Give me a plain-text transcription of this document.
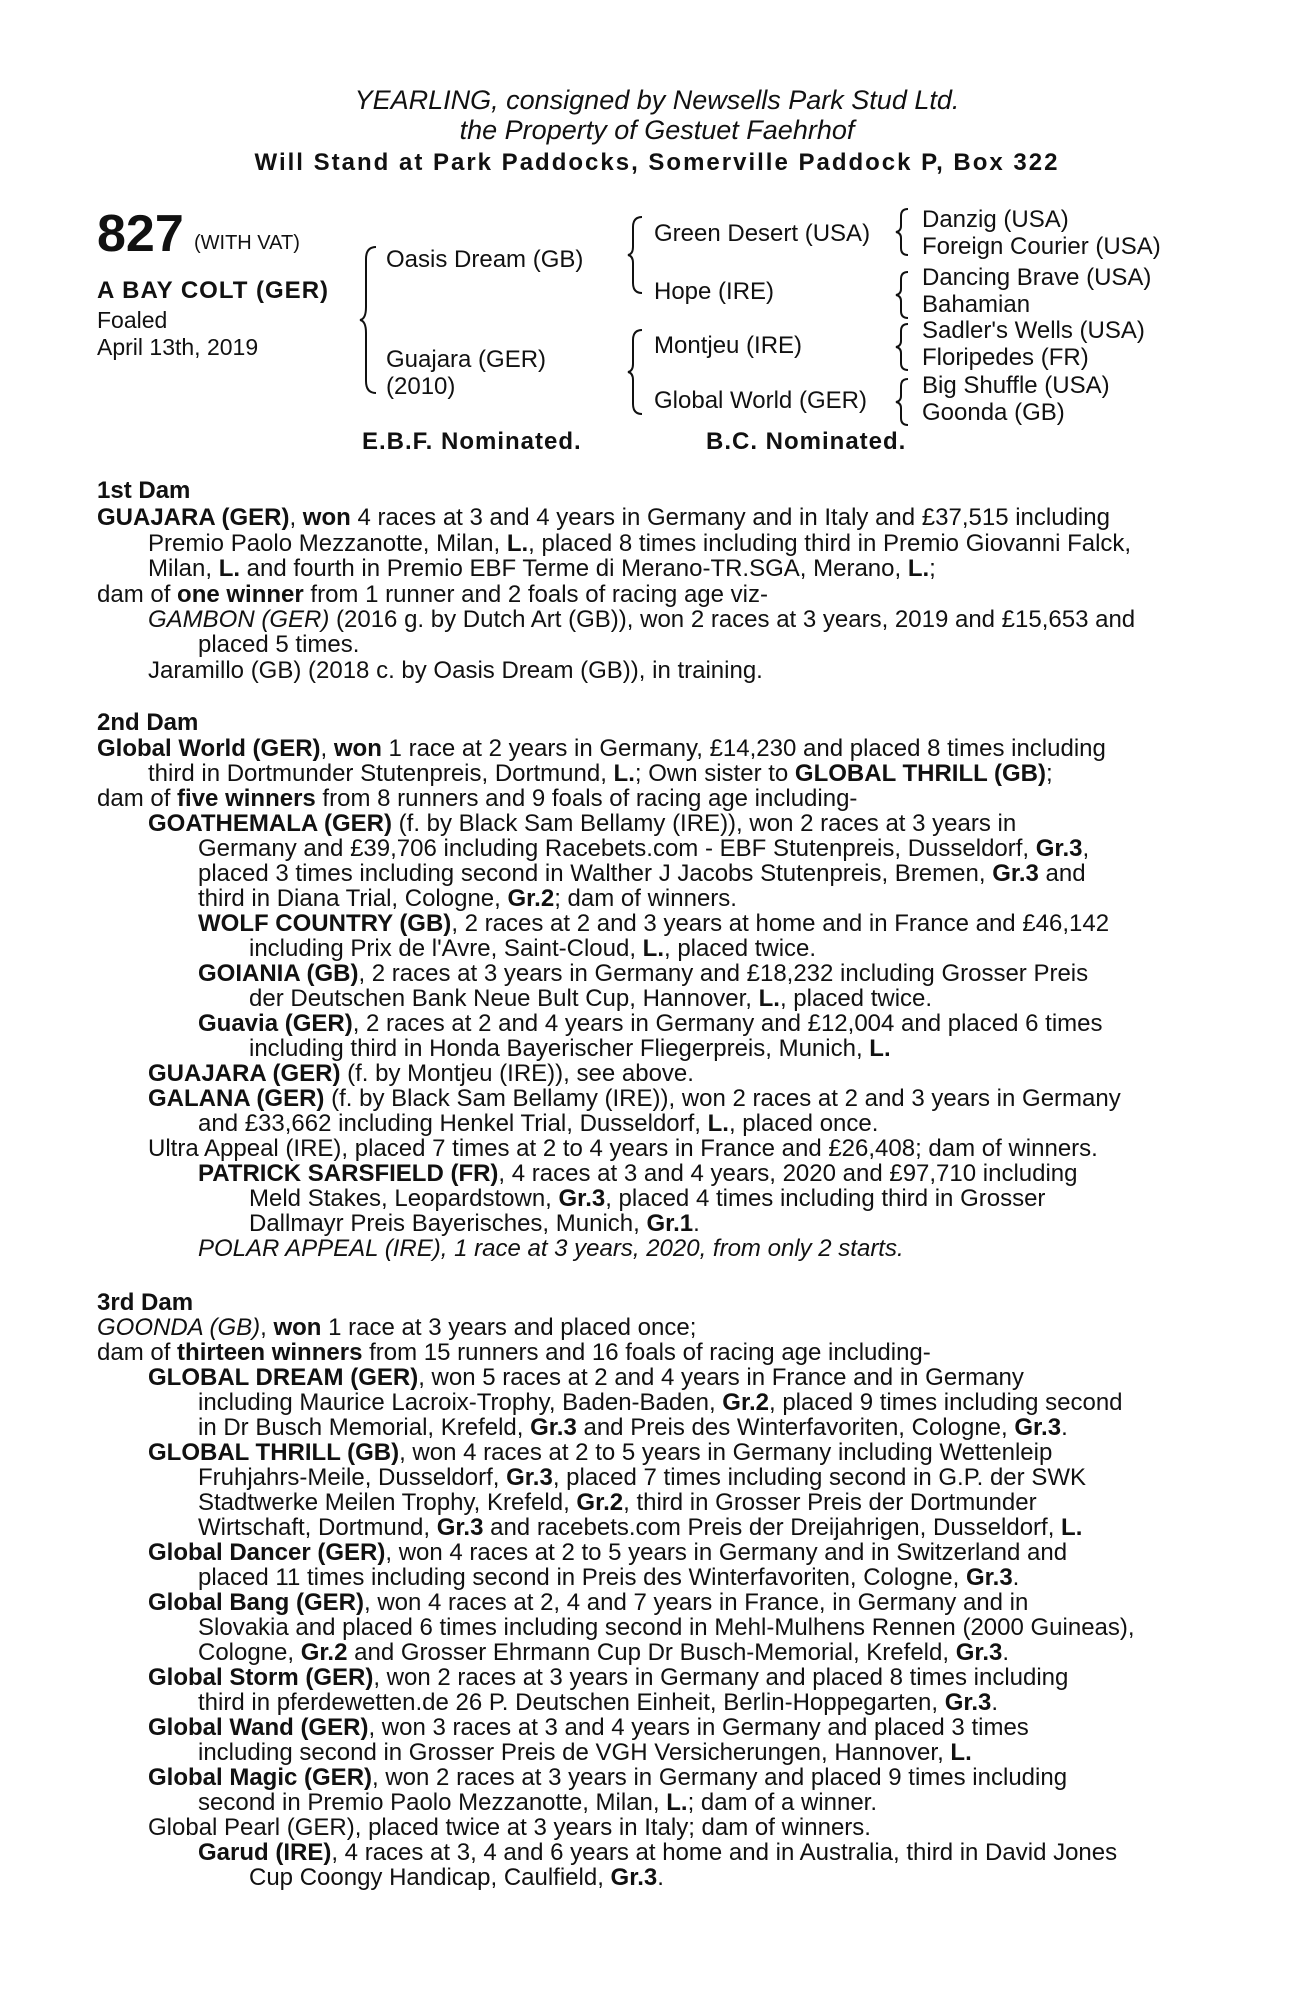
YEARLING, consigned by Newsells Park Stud Ltd.
the Property of Gestuet Faehrhof
Will Stand at Park Paddocks, Somerville Paddock P, Box 322
827 (WITH VAT)
A BAY COLT (GER)
Foaled
April 13th, 2019
Oasis Dream (GB)
Guajara (GER)
(2010)
Green Desert (USA)
Hope (IRE)
Montjeu (IRE)
Global World (GER)
Danzig (USA)
Foreign Courier (USA)
Dancing Brave (USA)
Bahamian
Sadler's Wells (USA)
Floripedes (FR)
Big Shuffle (USA)
Goonda (GB)
E.B.F. Nominated.	B.C. Nominated.
1st Dam
GUAJARA (GER), won 4 races at 3 and 4 years in Germany and in Italy and £37,515 including
Premio Paolo Mezzanotte, Milan, L., placed 8 times including third in Premio Giovanni Falck,
Milan, L. and fourth in Premio EBF Terme di Merano-TR.SGA, Merano, L.;
dam of one winner from 1 runner and 2 foals of racing age viz-
GAMBON (GER) (2016 g. by Dutch Art (GB)), won 2 races at 3 years, 2019 and £15,653 and
placed 5 times.
Jaramillo (GB) (2018 c. by Oasis Dream (GB)), in training.
2nd Dam
Global World (GER), won 1 race at 2 years in Germany, £14,230 and placed 8 times including
third in Dortmunder Stutenpreis, Dortmund, L.; Own sister to GLOBAL THRILL (GB);
dam of five winners from 8 runners and 9 foals of racing age including-
GOATHEMALA (GER) (f. by Black Sam Bellamy (IRE)), won 2 races at 3 years in
Germany and £39,706 including Racebets.com - EBF Stutenpreis, Dusseldorf, Gr.3,
placed 3 times including second in Walther J Jacobs Stutenpreis, Bremen, Gr.3 and
third in Diana Trial, Cologne, Gr.2; dam of winners.
WOLF COUNTRY (GB), 2 races at 2 and 3 years at home and in France and £46,142
including Prix de l'Avre, Saint-Cloud, L., placed twice.
GOIANIA (GB), 2 races at 3 years in Germany and £18,232 including Grosser Preis
der Deutschen Bank Neue Bult Cup, Hannover, L., placed twice.
Guavia (GER), 2 races at 2 and 4 years in Germany and £12,004 and placed 6 times
including third in Honda Bayerischer Fliegerpreis, Munich, L.
GUAJARA (GER) (f. by Montjeu (IRE)), see above.
GALANA (GER) (f. by Black Sam Bellamy (IRE)), won 2 races at 2 and 3 years in Germany
and £33,662 including Henkel Trial, Dusseldorf, L., placed once.
Ultra Appeal (IRE), placed 7 times at 2 to 4 years in France and £26,408; dam of winners.
PATRICK SARSFIELD (FR), 4 races at 3 and 4 years, 2020 and £97,710 including
Meld Stakes, Leopardstown, Gr.3, placed 4 times including third in Grosser
Dallmayr Preis Bayerisches, Munich, Gr.1.
POLAR APPEAL (IRE), 1 race at 3 years, 2020, from only 2 starts.
3rd Dam
GOONDA (GB), won 1 race at 3 years and placed once;
dam of thirteen winners from 15 runners and 16 foals of racing age including-
GLOBAL DREAM (GER), won 5 races at 2 and 4 years in France and in Germany
including Maurice Lacroix-Trophy, Baden-Baden, Gr.2, placed 9 times including second
in Dr Busch Memorial, Krefeld, Gr.3 and Preis des Winterfavoriten, Cologne, Gr.3.
GLOBAL THRILL (GB), won 4 races at 2 to 5 years in Germany including Wettenleip
Fruhjahrs-Meile, Dusseldorf, Gr.3, placed 7 times including second in G.P. der SWK
Stadtwerke Meilen Trophy, Krefeld, Gr.2, third in Grosser Preis der Dortmunder
Wirtschaft, Dortmund, Gr.3 and racebets.com Preis der Dreijahrigen, Dusseldorf, L.
Global Dancer (GER), won 4 races at 2 to 5 years in Germany and in Switzerland and
placed 11 times including second in Preis des Winterfavoriten, Cologne, Gr.3.
Global Bang (GER), won 4 races at 2, 4 and 7 years in France, in Germany and in
Slovakia and placed 6 times including second in Mehl-Mulhens Rennen (2000 Guineas),
Cologne, Gr.2 and Grosser Ehrmann Cup Dr Busch-Memorial, Krefeld, Gr.3.
Global Storm (GER), won 2 races at 3 years in Germany and placed 8 times including
third in pferdewetten.de 26 P. Deutschen Einheit, Berlin-Hoppegarten, Gr.3.
Global Wand (GER), won 3 races at 3 and 4 years in Germany and placed 3 times
including second in Grosser Preis de VGH Versicherungen, Hannover, L.
Global Magic (GER), won 2 races at 3 years in Germany and placed 9 times including
second in Premio Paolo Mezzanotte, Milan, L.; dam of a winner.
Global Pearl (GER), placed twice at 3 years in Italy; dam of winners.
Garud (IRE), 4 races at 3, 4 and 6 years at home and in Australia, third in David Jones
Cup Coongy Handicap, Caulfield, Gr.3.
